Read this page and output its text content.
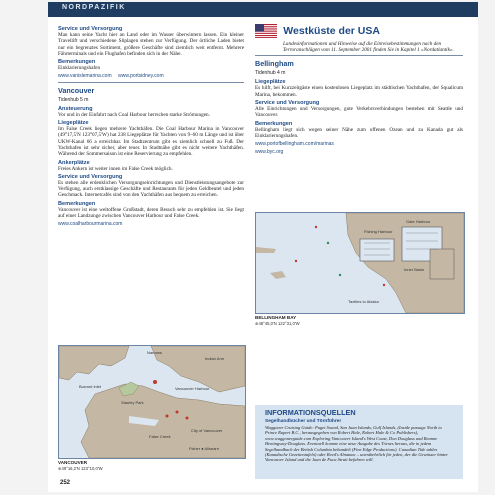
NORDPAZIFIK
Service und Versorgung
Man kann seine Yacht hier an Land oder im Wasser überwintern lassen. Ein kleiner Travellift und verschiedene Sliplagen stehen zur Verfügung. Der örtliche Laden bietet nur ein begrenztes Sortiment, größere Geschäfte sind ziemlich weit entfernt. Mehrere Fährterminals und ein Flughafen befinden sich in der Nähe.
Bemerkungen
Einklarierungshafen
www.vanislemarina.com www.portsidney.com
Vancouver
Tidenhub 5 m
Ansteuerung
Vor und in der Einfahrt nach Coal Harbour herrschen starke Strömungen.
Liegeplätze
Im False Creek liegen mehrere Yachthäfen. Die Coal Harbour Marina in Vancouver (49°17,5'N 123°07,5'W) hat 238 Liegeplätze für Yachten von 9–60 m Länge und ist über UKW-Kanal 66 a erreichbar. Im Stadtzentrum gibt es ziemlich schnell zu Fuß. Der Yachthafen ist sehr sicher, aber teuer. In Stadtnähe gibt es nicht weitere Yachthäfen. Während der Sommersaison ist eine Reservierung zu empfehlen.
Ankerplätze
Freies Ankern ist weiter innen im False Creek möglich.
Service und Versorgung
Es stehen alle erdenklichen Versorgungseinrichtungen und Dienstleistungsangebote zur Verfügung, auch erstklassige Geschäfte und Restaurants für jeden Geldbeutel und jeden Geschmack. Internetcafés sind von den Yachthäfen aus bequem zu erreichen.
Bemerkungen
Vancouver ist eine weltoffene Großstadt, deren Besuch sehr zu empfehlen ist. Sie liegt auf einer Landzunge zwischen Vancouver Harbour und False Creek.
www.coalharbourmarina.com
Narrows
Burrard Inlet	Vancouver Harbour
City of Vancouver
False Creek
Stanley Park
Indian Arm
Fisher ● Allsearn
VANCOUVER
⊕49°16,2'N 123°10,0'W
252
Westküste der USA
Landesinformationen und Hinweise auf die Einreisebestimmungen nach den Terroranschlägen vom 11. September 2001 finden Sie in Kapitel 1 »Nordatlantik«.
Bellingham
Tidenhub 4 m
Liegeplätze
Es hilft, bei Kurzzeitgäste einen kostenlosen Liegeplatz im städtischen Yachthafen, der Squalicum Marina, bekommen.
Service und Versorgung
Alle Einrichtungen und Versorgungen, gute Verkehrsverbindungen bestehen mit Seattle und Vancouver.
Bemerkungen
Bellingham liegt sich wegen seiner Nähe zum offenen Ozean und zu Kanada gut als Einklarierungshafen.
www.portofbellingham.com/marinas
www.byc.org
Fishing Harbour
Gate Harbour
Inner Basin
Taxtiles to Alaska
BELLINGHAM BAY
⊕48°45,0'N 122°31,0'W
INFORMATIONSQUELLEN
Segelhandbücher und Törnführer
Waggoner Cruising Guide: Puget Sound, San Juan Islands, Gulf Islands, (Inside passage North to Prince Rupert B.C., herausgegeben von Robert Hale, Robert Hale & Co Publishers), www.waggonerguide.com Exploring Vancouver Island's West Coast, Don Douglass und Reanne Hemingway-Douglass. Eventuell komme eine neue Ausgabe des Törnes heraus, die in jedem Segelhandbuch der British Columbia behandelt (Fine Edge Productions). Canadian Tide tables (Kanadische Gezeitentafeln) oder Reed's Almanac – unentbehrlich für jeden, der die Gewässer hinter Vancouver Island und die Juan de Fuca Strait befahren will.
